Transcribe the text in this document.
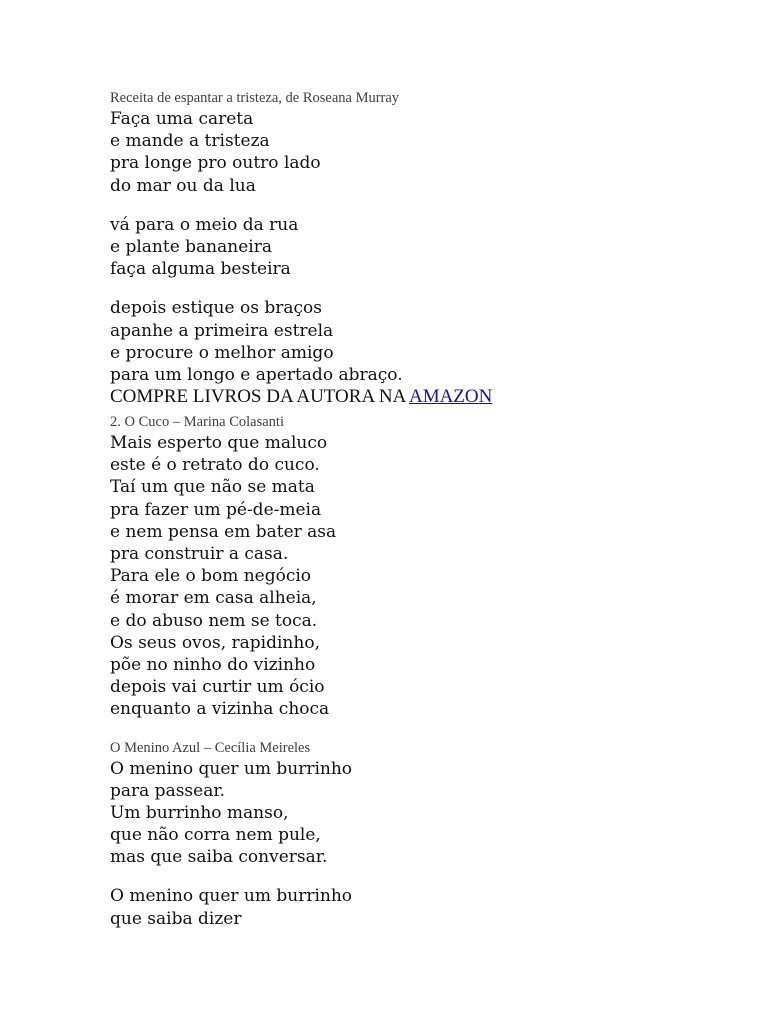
Receita de espantar a tristeza, de Roseana Murray
Faça uma careta
e mande a tristeza
pra longe pro outro lado
do mar ou da lua
vá para o meio da rua
e plante bananeira
faça alguma besteira
depois estique os braços
apanhe a primeira estrela
e procure o melhor amigo
para um longo e apertado abraço.
COMPRE LIVROS DA AUTORA NA AMAZON
2. O Cuco – Marina Colasanti
Mais esperto que maluco
este é o retrato do cuco.
Taí um que não se mata
pra fazer um pé-de-meia
e nem pensa em bater asa
pra construir a casa.
Para ele o bom negócio
é morar em casa alheia,
e do abuso nem se toca.
Os seus ovos, rapidinho,
põe no ninho do vizinho
depois vai curtir um ócio
enquanto a vizinha choca
O Menino Azul – Cecília Meireles
O menino quer um burrinho
para passear.
Um burrinho manso,
que não corra nem pule,
mas que saiba conversar.
O menino quer um burrinho
que saiba dizer
